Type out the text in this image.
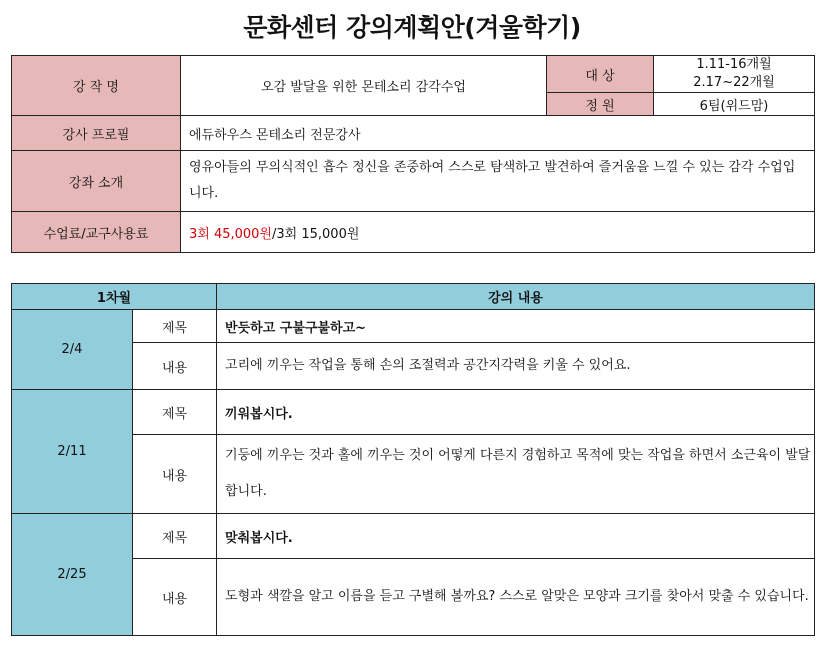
문화센터 강의계획안(겨울학기)
강 작 명	오감 발달을 위한 몬테소리 감각수업	대 상	1.11-16개월
2.17~22개월

		정 원	6팀(위드맘)
강사 프로필	에듀하우스 몬테소리 전문강사		
강좌 소개	영유아들의 무의식적인 흡수 정신을 존중하여 스스로 탐색하고 발견하여 즐거움을 느낄 수 있는 감각 수업입니다.		
수업료/교구사용료	3회 45,000원/3회 15,000원		
1차월		강의 내용
2/4	제목	반듯하고 구불구불하고~
	내용	고리에 끼우는 작업을 통해 손의 조절력과 공간지각력을 키울 수 있어요.
2/11	제목	끼워봅시다.
	내용	기둥에 끼우는 것과 홀에 끼우는 것이 어떻게 다른지 경험하고 목적에 맞는 작업을 하면서 소근육이 발달합니다.
2/25	제목	맞춰봅시다.
	내용	도형과 색깔을 알고 이름을 듣고 구별해 볼까요? 스스로 알맞은 모양과 크기를 찾아서 맞출 수 있습니다.
